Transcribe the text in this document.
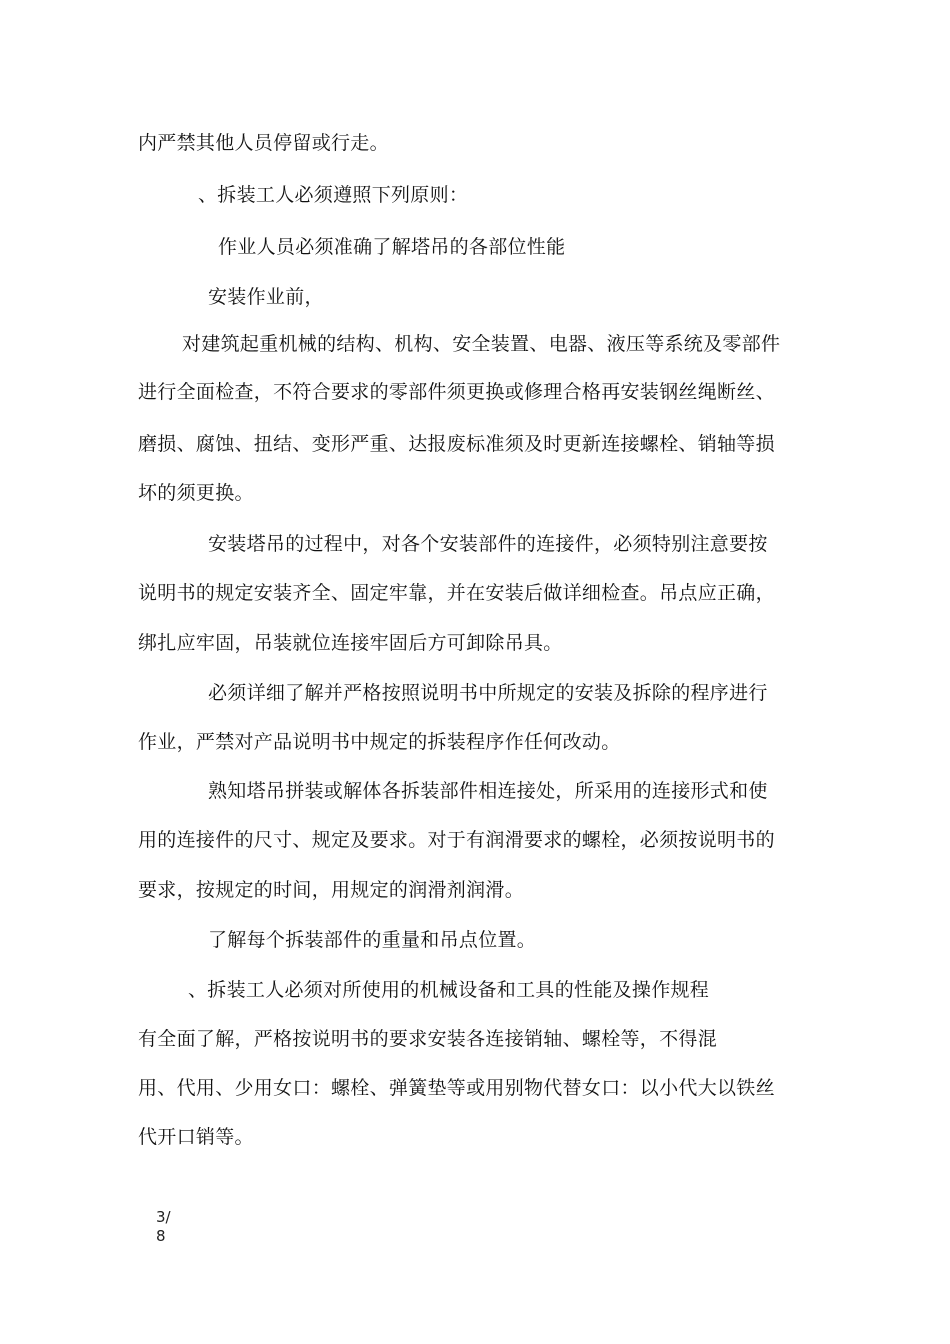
内严禁其他人员停留或行走。
、拆装工人必须遵照下列原则：
作业人员必须准确了解塔吊的各部位性能
安装作业前，
对建筑起重机械的结构、机构、安全装置、电器、液压等系统及零部件
进行全面检查，不符合要求的零部件须更换或修理合格再安装钢丝绳断丝、
磨损、腐蚀、扭结、变形严重、达报废标准须及时更新连接螺栓、销轴等损
坏的须更换。
安装塔吊的过程中，对各个安装部件的连接件，必须特别注意要按
说明书的规定安装齐全、固定牢靠，并在安装后做详细检查。吊点应正确，
绑扎应牢固，吊装就位连接牢固后方可卸除吊具。
必须详细了解并严格按照说明书中所规定的安装及拆除的程序进行
作业，严禁对产品说明书中规定的拆装程序作任何改动。
熟知塔吊拼装或解体各拆装部件相连接处，所采用的连接形式和使
用的连接件的尺寸、规定及要求。对于有润滑要求的螺栓，必须按说明书的
要求，按规定的时间，用规定的润滑剂润滑。
了解每个拆装部件的重量和吊点位置。
、拆装工人必须对所使用的机械设备和工具的性能及操作规程
有全面了解，严格按说明书的要求安装各连接销轴、螺栓等，不得混
用、代用、少用女口：螺栓、弹簧垫等或用别物代替女口：以小代大以铁丝
代开口销等。
3/
8
